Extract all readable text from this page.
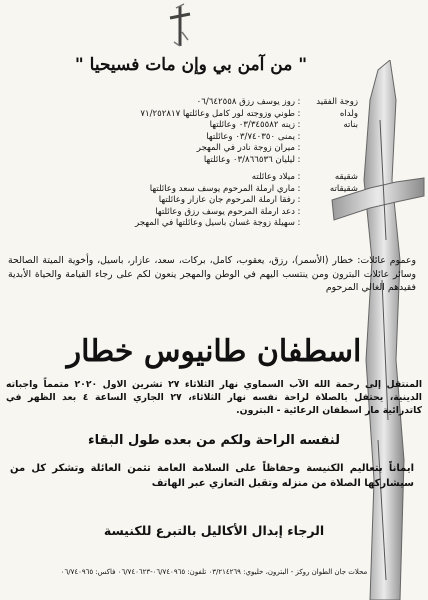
" من آمن بي وإن مات فسيحيا "
زوجة الفقيد
:
روز يوسف رزق ٠٦/٦٤٢٥٥٨
ولداه
:
طوني وزوجته لور كامل وعائلتها ٧١/٢٥٢٨١٧
بناته
:
زينه ٠٣/٣٤٥٥٨٢ وعائلتها
:
يمنى ٠٣/٧٤٠٣٥٠ وعائلتها
:
ميران زوجة نادر في المهجر
:
ليليان ٠٣/٨٦٦٥٣٦ وعائلتها
شقيقه
:
ميلاد وعائلته
شقيقاته
:
ماري ارملة المرحوم يوسف سعد وعائلتها
:
رفقا ارملة المرحوم جان عازار وعائلتها
:
دعد ارملة المرحوم يوسف رزق وعائلتها
:
سهيلة زوجة غسان باسيل وعائلتها في المهجر
وعموم عائلات: خطار (الأسمر)، رزق، يعقوب، كامل، بركات، سعد، عازار، باسيل، وأخوية الميتة الصالحة وسائر عائلات البترون ومن ينتسب اليهم في الوطن والمهجر ينعون لكم على رجاء القيامة والحياة الأبدية فقيدهم الغالي المرحوم
اسطفان طانيوس خطار
المنتقل إلى رحمة الله الآب السماوي نهار الثلاثاء ٢٧ تشرين الاول ٢٠٢٠ متمماً واجباته الدينية، يحتفل بالصلاة لراحة نفسه نهار الثلاثاء، ٢٧ الجاري الساعة ٤ بعد الظهر في كاتدرائية مار اسطفان الرعائية - البترون.
لنفسه الراحة ولكم من بعده طول البقاء
ايماناً بتعاليم الكنيسة وحفاظاً على السلامة العامة تثمن العائلة وتشكر كل من سيشاركها الصلاة من منزله وتقبل التعازي عبر الهاتف
الرجاء إبدال الأكاليل بالتبرع للكنيسة
محلات جان الطوان روكز - البترون، خليوي: ٠٣/٢١٤٢٦٩ تلفون: ٠٦/٧٤٠٩٦٥-٠٦/٧٤٠٦٢٣ فاكس: ٠٦/٧٤٠٩٦٥
